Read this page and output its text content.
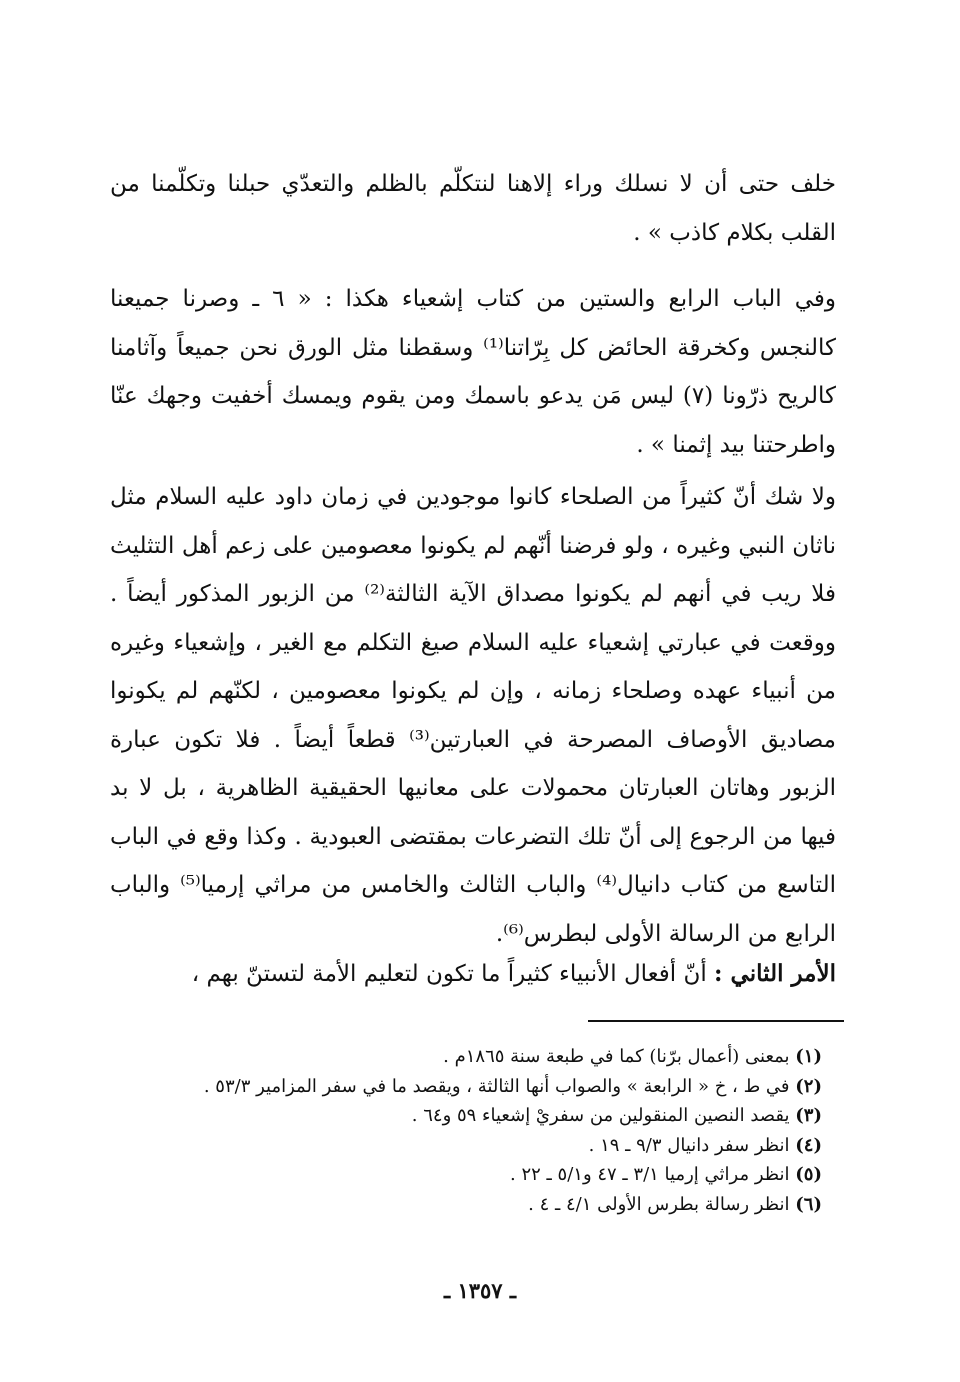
خلف حتى أن لا نسلك وراء إلاهنا لنتكلّم بالظلم والتعدّي حبلنا وتكلّمنا من القلب بكلام كاذب » .

وفي الباب الرابع والستين من كتاب إشعياء هكذا : « ٦ ـ وصرنا جميعنا كالنجس وكخرقة الحائض كل بِرّاتنا⁽¹⁾ وسقطنا مثل الورق نحن جميعاً وآثامنا كالريح ذرّونا (٧) ليس مَن يدعو باسمك ومن يقوم ويمسك أخفيت وجهك عنّا واطرحتنا بيد إثمنا » .

ولا شك أنّ كثيراً من الصلحاء كانوا موجودين في زمان داود عليه السلام مثل ناثان النبي وغيره ، ولو فرضنا أنّهم لم يكونوا معصومين على زعم أهل التثليث فلا ريب في أنهم لم يكونوا مصداق الآية الثالثة⁽²⁾ من الزبور المذكور أيضاً . ووقعت في عبارتي إشعياء عليه السلام صيغ التكلم مع الغير ، وإشعياء وغيره من أنبياء عهده وصلحاء زمانه ، وإن لم يكونوا معصومين ، لكنّهم لم يكونوا مصاديق الأوصاف المصرحة في العبارتين⁽³⁾ قطعاً أيضاً . فلا تكون عبارة الزبور وهاتان العبارتان محمولات على معانيها الحقيقية الظاهرية ، بل لا بد فيها من الرجوع إلى أنّ تلك التضرعات بمقتضى العبودية . وكذا وقع في الباب التاسع من كتاب دانيال⁽⁴⁾ والباب الثالث والخامس من مراثي إرميا⁽⁵⁾ والباب الرابع من الرسالة الأولى لبطرس⁽⁶⁾.

الأمر الثاني : أنّ أفعال الأنبياء كثيراً ما تكون لتعليم الأمة لتستنّ بهم ،

(١) بمعنى (أعمال برّنا) كما في طبعة سنة ١٨٦٥م .
(٢) في ط ، خ « الرابعة » والصواب أنها الثالثة ، ويقصد ما في سفر المزامير ٥٣/٣ .
(٣) يقصد النصين المنقولين من سفريْ إشعياء ٥٩ و٦٤ .
(٤) انظر سفر دانيال ٩/٣ ـ ١٩ .
(٥) انظر مراثي إرميا ٣/١ ـ ٤٧ و٥/١ ـ ٢٢ .
(٦) انظر رسالة بطرس الأولى ٤/١ ـ ٤ .
ـ ١٣٥٧ ـ
